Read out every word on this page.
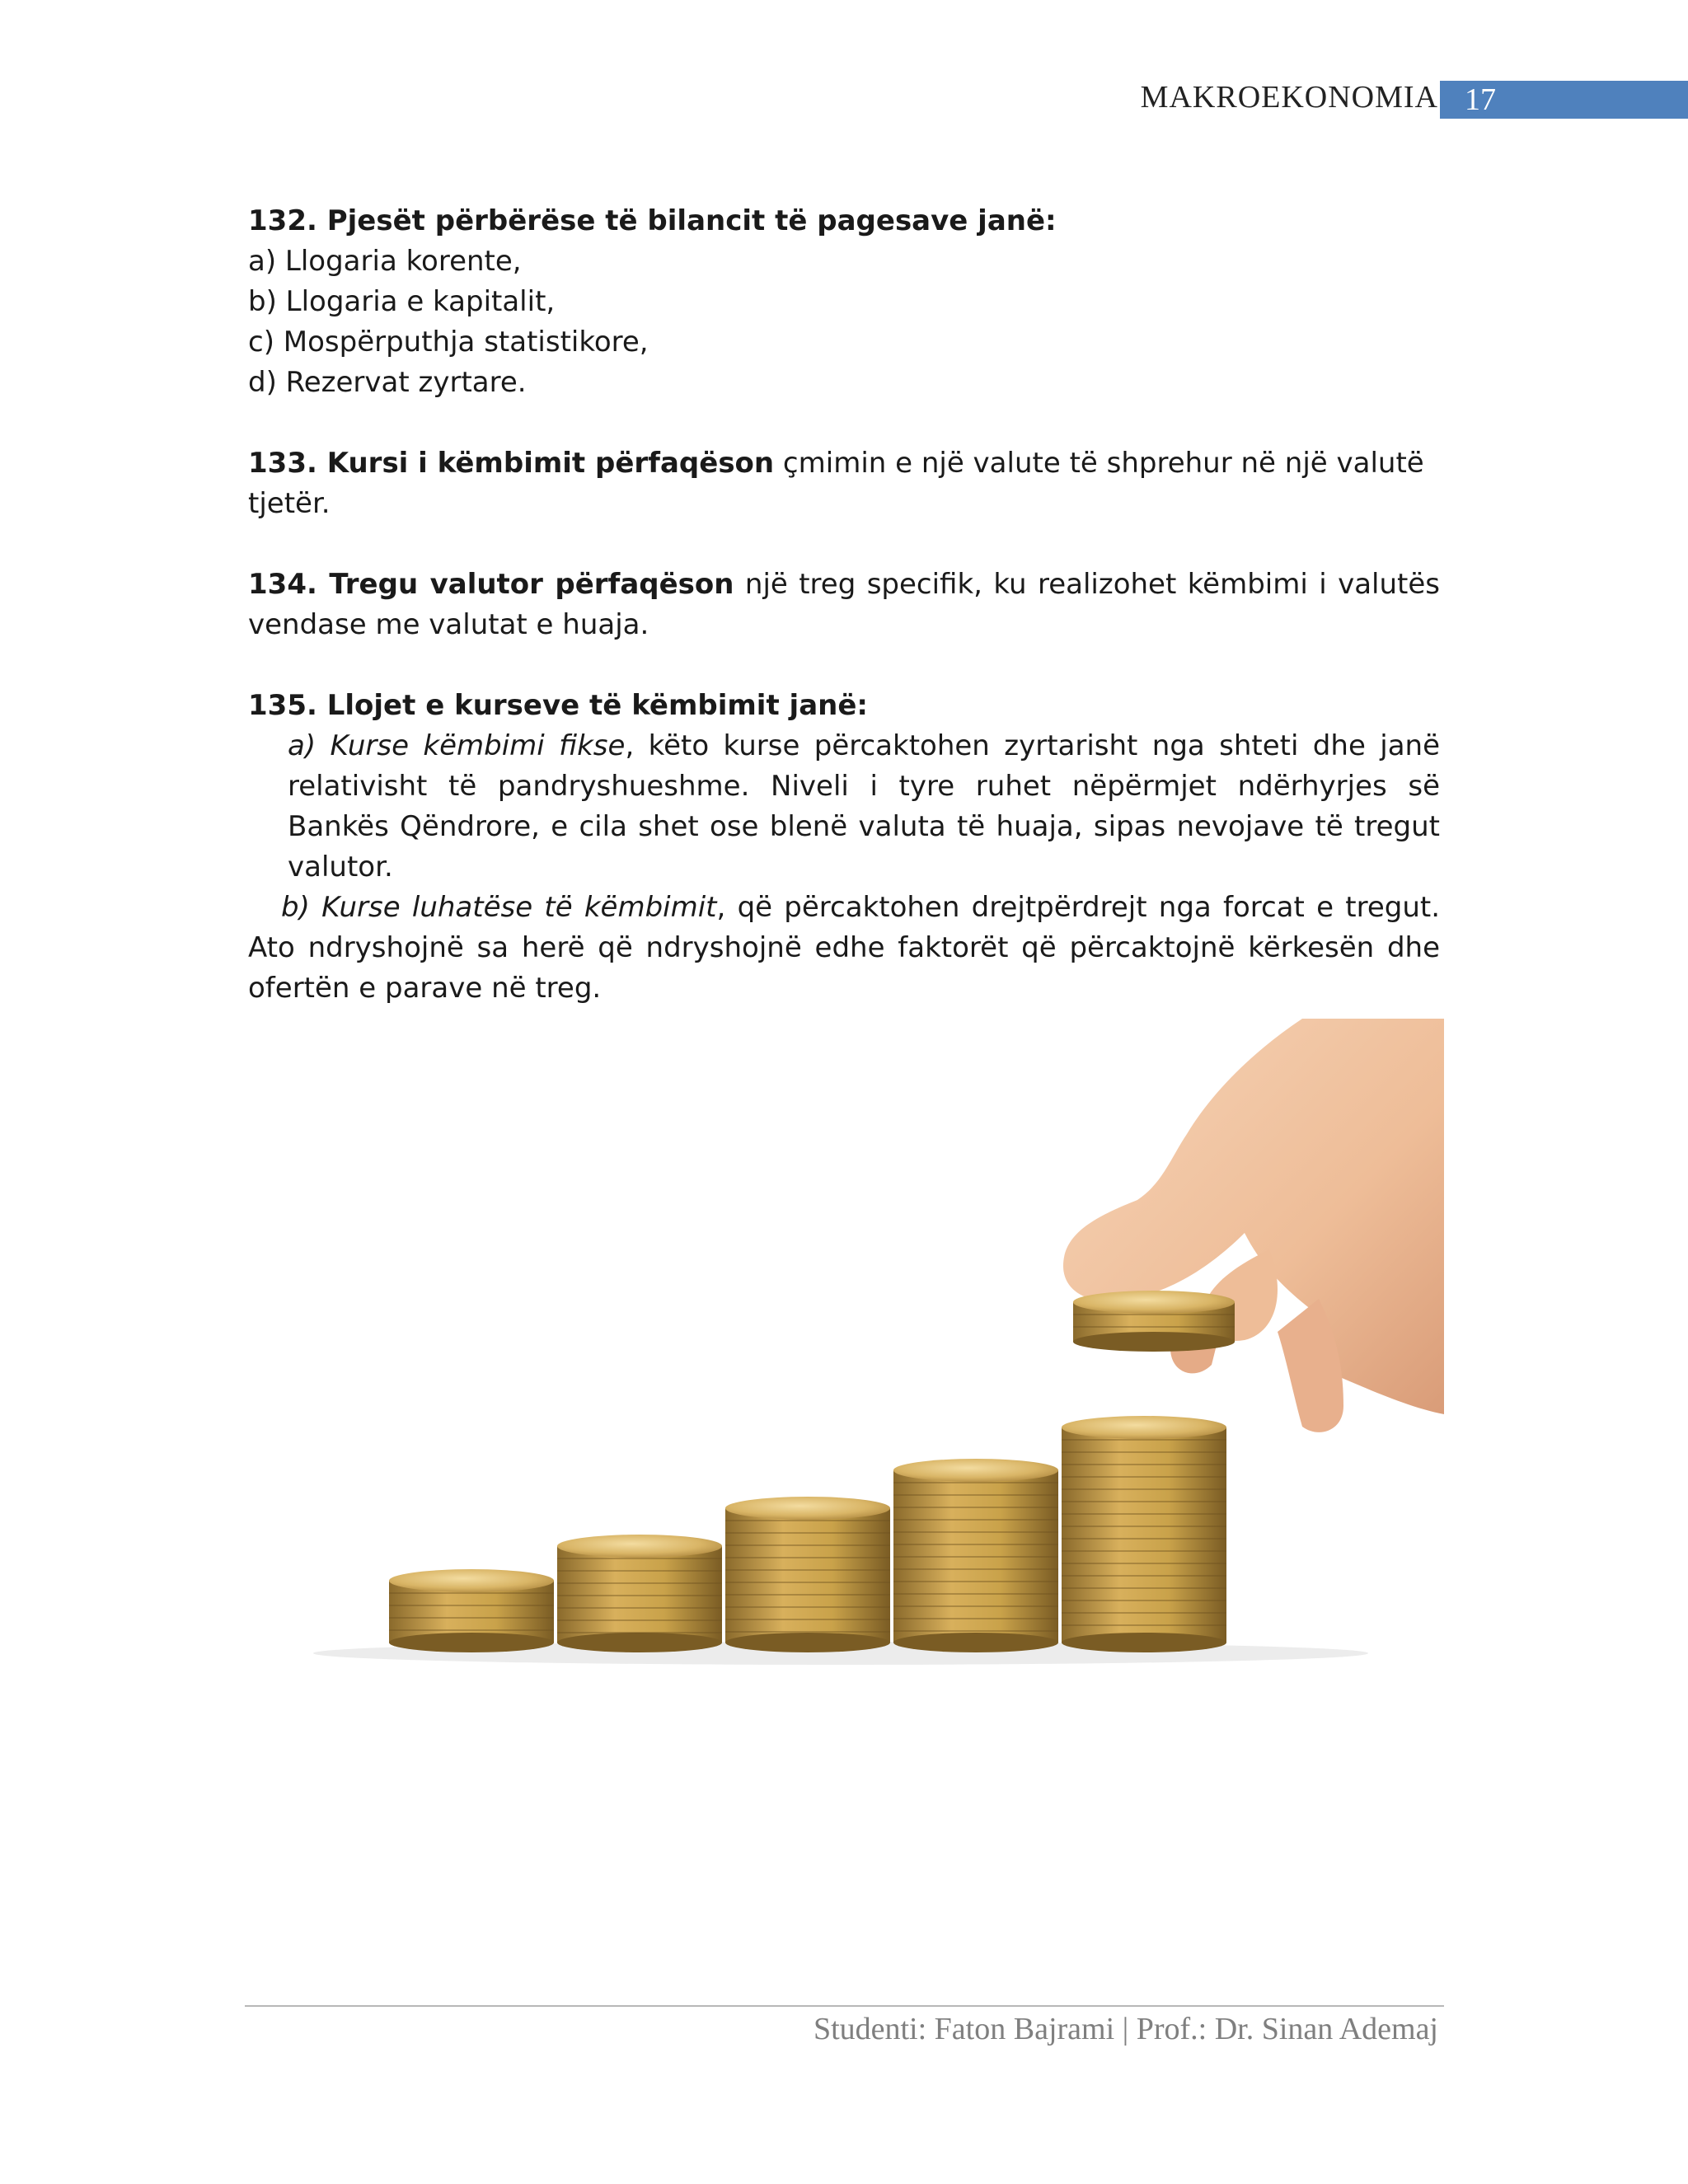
MAKROEKONOMIA 17

132. Pjesët përbërëse të bilancit të pagesave janë:

a) Llogaria korente,

b) Llogaria e kapitalit,

c) Mospërputhja statistikore,

d) Rezervat zyrtare.

133. Kursi i këmbimit përfaqëson çmimin e një valute të shprehur në një valutë tjetër.

134. Tregu valutor përfaqëson një treg specifik, ku realizohet këmbimi i valutës vendase me valutat e huaja.

135. Llojet e kurseve të këmbimit janë:

a) Kurse këmbimi fikse, këto kurse përcaktohen zyrtarisht nga shteti dhe janë relativisht të pandryshueshme. Niveli i tyre ruhet nëpërmjet ndërhyrjes së Bankës Qëndrore, e cila shet ose blenë valuta të huaja, sipas nevojave të tregut valutor.

b) Kurse luhatëse të këmbimit, që përcaktohen drejtpërdrejt nga forcat e tregut. Ato ndryshojnë sa herë që ndryshojnë edhe faktorët që përcaktojnë kërkesën dhe ofertën e parave në treg.

Studenti: Faton Bajrami | Prof.: Dr. Sinan Ademaj
